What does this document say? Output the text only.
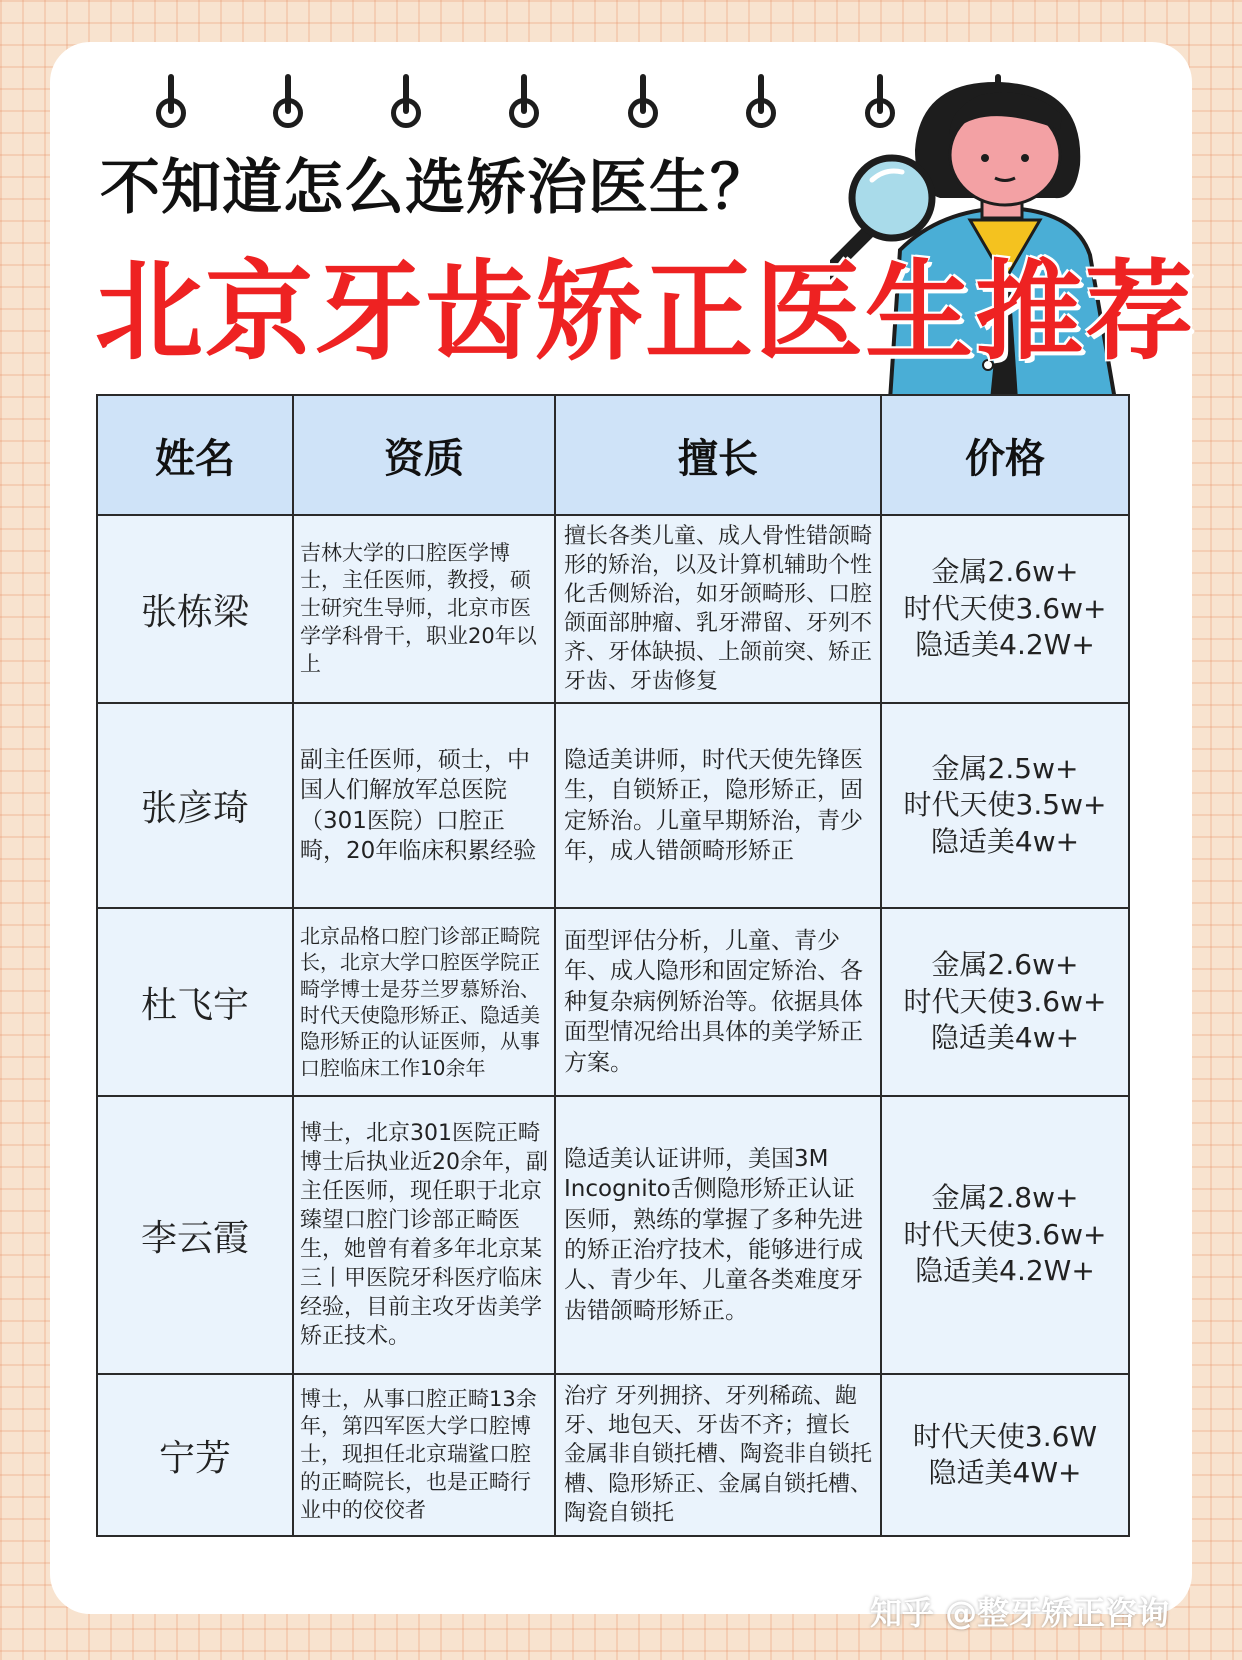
不知道怎么选矫治医生？
北京牙齿矫正医生推荐
姓名	资质	擅长	价格
张栋梁	吉林大学的口腔医学博士，主任医师，教授，硕士研究生导师，北京市医学学科骨干，职业20年以上	擅长各类儿童、成人骨性错颌畸形的矫治，以及计算机辅助个性化舌侧矫治，如牙颌畸形、口腔颌面部肿瘤、乳牙滞留、牙列不齐、牙体缺损、上颌前突、矫正牙齿、牙齿修复	金属2.6w+
时代天使3.6w+
隐适美4.2W+

张彦琦	副主任医师，硕士，中国人们解放军总医院（301医院）口腔正畸，20年临床积累经验	隐适美讲师，时代天使先锋医生，自锁矫正，隐形矫正，固定矫治。儿童早期矫治，青少年，成人错颌畸形矫正	金属2.5w+
时代天使3.5w+
隐适美4w+

杜飞宇	北京品格口腔门诊部正畸院长，北京大学口腔医学院正畸学博士是芬兰罗慕矫治、时代天使隐形矫正、隐适美隐形矫正的认证医师，从事口腔临床工作10余年	面型评估分析，儿童、青少年、成人隐形和固定矫治、各种复杂病例矫治等。依据具体面型情况给出具体的美学矫正方案。	金属2.6w+
时代天使3.6w+
隐适美4w+

李云霞	博士，北京301医院正畸博士后执业近20余年，副主任医师，现任职于北京臻望口腔门诊部正畸医生，她曾有着多年北京某三丨甲医院牙科医疗临床经验，目前主攻牙齿美学矫正技术。	隐适美认证讲师，美国3M Incognito舌侧隐形矫正认证医师，熟练的掌握了多种先进的矫正治疗技术，能够进行成人、青少年、儿童各类难度牙齿错颌畸形矫正。	金属2.8w+
时代天使3.6w+
隐适美4.2W+

宁芳	博士，从事口腔正畸13余年，第四军医大学口腔博士，现担任北京瑞鲨口腔的正畸院长，也是正畸行业中的佼佼者	治疗 牙列拥挤、牙列稀疏、龅牙、地包天、牙齿不齐；擅长 金属非自锁托槽、陶瓷非自锁托槽、隐形矫正、金属自锁托槽、陶瓷自锁托	时代天使3.6W
隐适美4W+
知乎 @整牙矫正咨询
